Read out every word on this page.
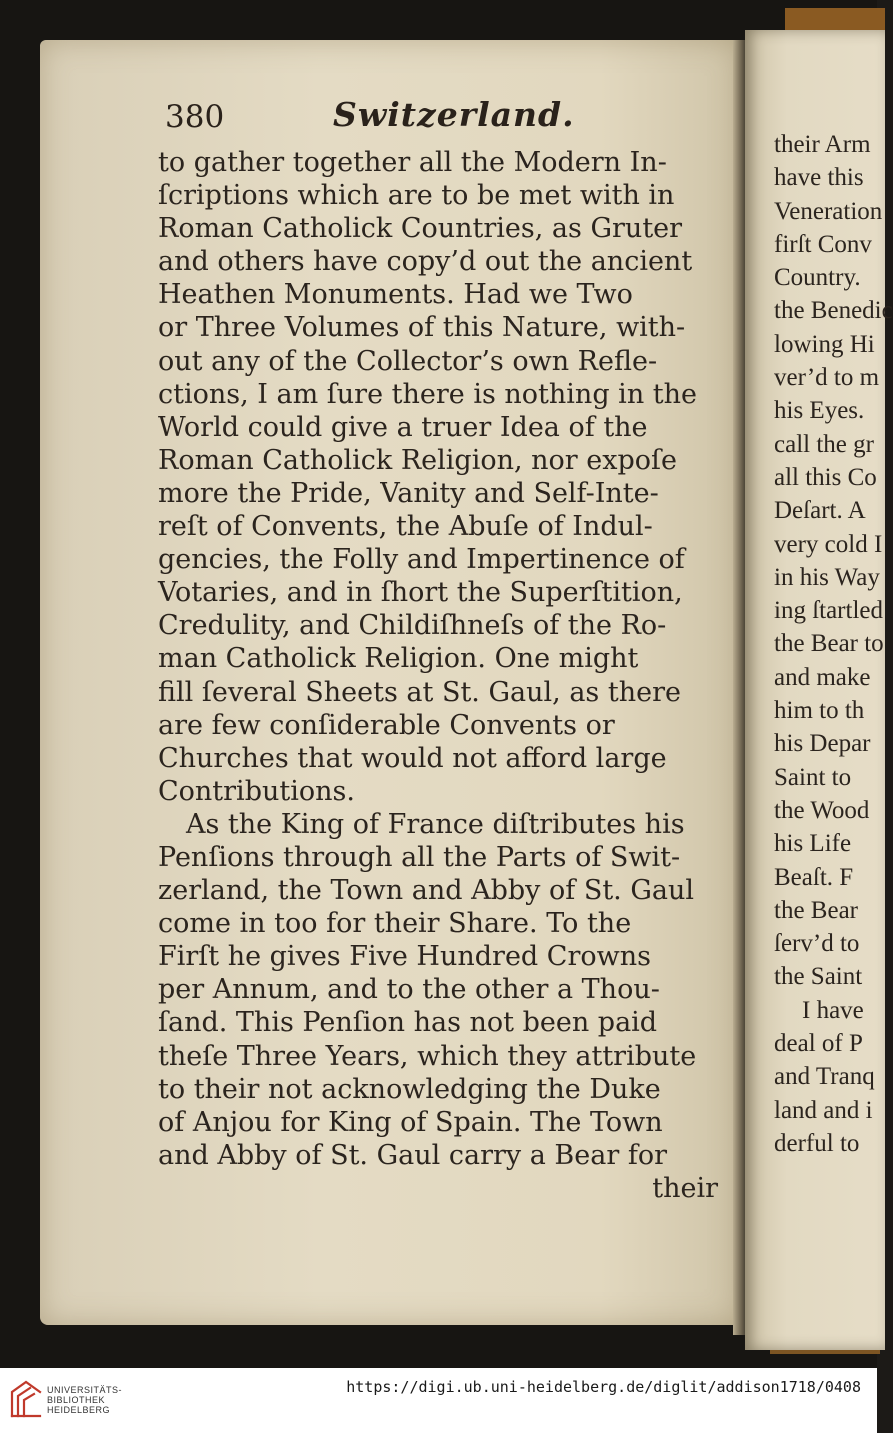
380	Switzerland.
to gather together all the Modern In-
ſcriptions which are to be met with in
Roman Catholick Countries, as Gruter
and others have copy’d out the ancient
Heathen Monuments. Had we Two
or Three Volumes of this Nature, with-
out any of the Collector’s own Refle-
ctions, I am ſure there is nothing in the
World could give a truer Idea of the
Roman Catholick Religion, nor expoſe
more the Pride, Vanity and Self-Inte-
reſt of Convents, the Abuſe of Indul-
gencies, the Folly and Impertinence of
Votaries, and in ſhort the Superſtition,
Credulity, and Childiſhneſs of the Ro-
man Catholick Religion. One might
fill ſeveral Sheets at St. Gaul, as there
are few conſiderable Convents or
Churches that would not afford large
Contributions.
As the King of France diſtributes his
Penſions through all the Parts of Swit-
zerland, the Town and Abby of St. Gaul
come in too for their Share. To the
Firſt he gives Five Hundred Crowns
per Annum, and to the other a Thou-
ſand. This Penſion has not been paid
theſe Three Years, which they attribute
to their not acknowledging the Duke
of Anjou for King of Spain. The Town
and Abby of St. Gaul carry a Bear for
their
their Arm
have this
Veneration
firſt Conv
Country.
the Benedic
lowing Hi
ver’d to m
his Eyes.
call the gr
all this Co
Deſart. A
very cold I
in his Way
ing ſtartled
the Bear to
and make
him to th
his Depar
Saint to
the Wood
his Life
Beaſt. F
the Bear
ſerv’d to
the Saint
I have
deal of P
and Tranq
land and i
derful to
UNIVERSITÄTS-
BIBLIOTHEK
HEIDELBERG
https://digi.ub.uni-heidelberg.de/diglit/addison1718/0408
